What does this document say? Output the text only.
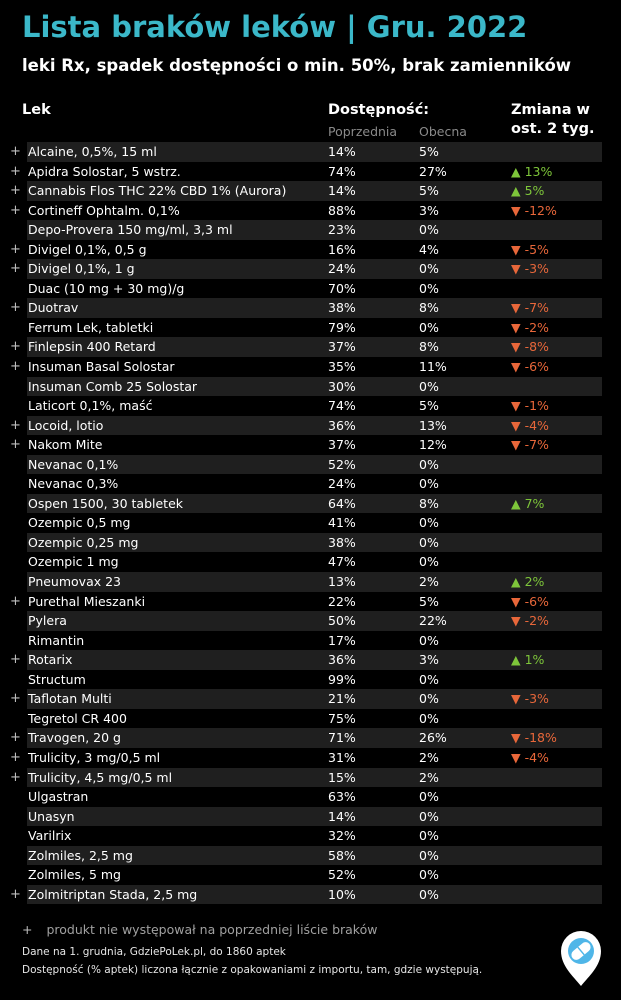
Lista braków leków | Gru. 2022
leki Rx, spadek dostępności o min. 50%, brak zamienników
Lek	Dostępność:
Poprzednia Obecna
Zmiana w
ost. 2 tyg.
+ Alcaine, 0,5%, 15 ml	14%	5%
+ Apidra Solostar, 5 wstrz.	74%	27%	▲ 13%
+ Cannabis Flos THC 22% CBD 1% (Aurora)	14%	5%	▲ 5%
+ Cortineff Ophtalm. 0,1%	88%	3%	▼ -12%
Depo-Provera 150 mg/ml, 3,3 ml	23%	0%
+ Divigel 0,1%, 0,5 g	16%	4%	▼ -5%
+ Divigel 0,1%, 1 g	24%	0%	▼ -3%
Duac (10 mg + 30 mg)/g	70%	0%
+ Duotrav	38%	8%	▼ -7%
Ferrum Lek, tabletki	79%	0%	▼ -2%
+ Finlepsin 400 Retard	37%	8%	▼ -8%
+ Insuman Basal Solostar	35%	11%	▼ -6%
Insuman Comb 25 Solostar	30%	0%
Laticort 0,1%, maść	74%	5%	▼ -1%
+ Locoid, lotio	36%	13%	▼ -4%
+ Nakom Mite	37%	12%	▼ -7%
Nevanac 0,1%	52%	0%
Nevanac 0,3%	24%	0%
Ospen 1500, 30 tabletek	64%	8%	▲ 7%
Ozempic 0,5 mg	41%	0%
Ozempic 0,25 mg	38%	0%
Ozempic 1 mg	47%	0%
Pneumovax 23	13%	2%	▲ 2%
+ Purethal Mieszanki	22%	5%	▼ -6%
Pylera	50%	22%	▼ -2%
Rimantin	17%	0%
+ Rotarix	36%	3%	▲ 1%
Structum	99%	0%
+ Taflotan Multi	21%	0%	▼ -3%
Tegretol CR 400	75%	0%
+ Travogen, 20 g	71%	26%	▼ -18%
+ Trulicity, 3 mg/0,5 ml	31%	2%	▼ -4%
+ Trulicity, 4,5 mg/0,5 ml	15%	2%
Ulgastran	63%	0%
Unasyn	14%	0%
Varilrix	32%	0%
Zolmiles, 2,5 mg	58%	0%
Zolmiles, 5 mg	52%	0%
+ Zolmitriptan Stada, 2,5 mg	10%	0%
+ produkt nie występował na poprzedniej liście braków
Dane na 1. grudnia, GdziePoLek.pl, do 1860 aptek
Dostępność (% aptek) liczona łącznie z opakowaniami z importu, tam, gdzie występują.
